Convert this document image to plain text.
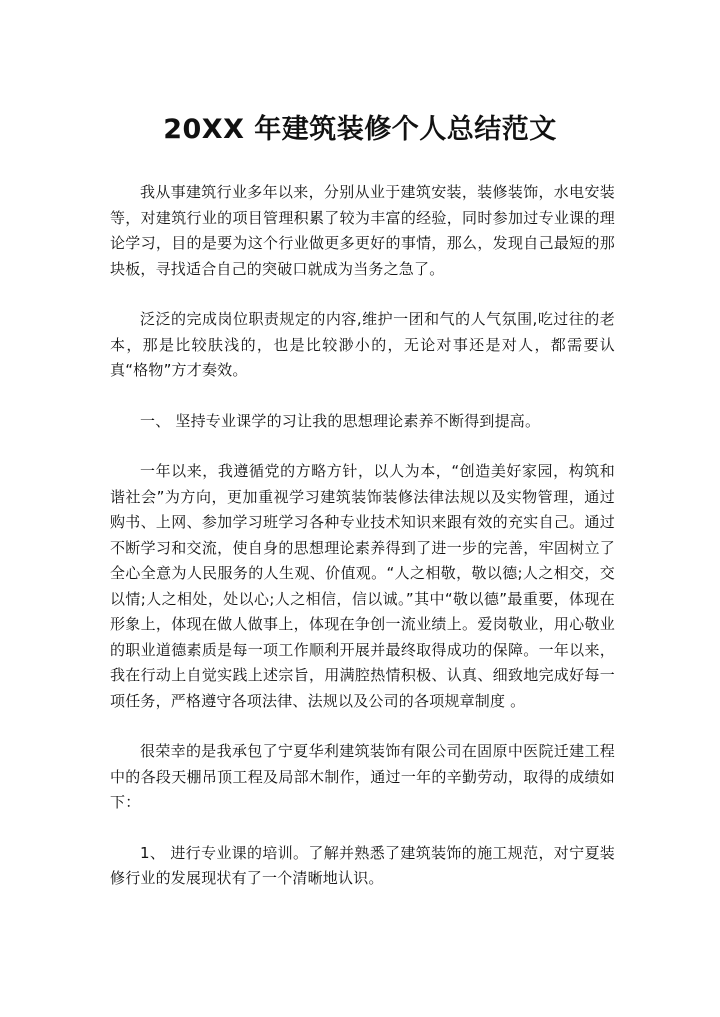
20XX 年建筑装修个人总结范文

我从事建筑行业多年以来，分别从业于建筑安装，装修装饰，水电安装等，对建筑行业的项目管理积累了较为丰富的经验，同时参加过专业课的理论学习，目的是要为这个行业做更多更好的事情，那么，发现自己最短的那块板，寻找适合自己的突破口就成为当务之急了。

泛泛的完成岗位职责规定的内容,维护一团和气的人气氛围,吃过往的老本，那是比较肤浅的，也是比较渺小的，无论对事还是对人，都需要认真“格物”方才奏效。

一、 坚持专业课学的习让我的思想理论素养不断得到提高。

一年以来，我遵循党的方略方针，以人为本，“创造美好家园，构筑和谐社会”为方向，更加重视学习建筑装饰装修法律法规以及实物管理，通过购书、上网、参加学习班学习各种专业技术知识来跟有效的充实自己。通过不断学习和交流，使自身的思想理论素养得到了进一步的完善，牢固树立了全心全意为人民服务的人生观、价值观。“人之相敬，敬以德;人之相交，交以情;人之相处，处以心;人之相信，信以诚。”其中“敬以德”最重要，体现在形象上，体现在做人做事上，体现在争创一流业绩上。爱岗敬业，用心敬业的职业道德素质是每一项工作顺利开展并最终取得成功的保障。一年以来，我在行动上自觉实践上述宗旨，用满腔热情积极、认真、细致地完成好每一项任务，严格遵守各项法律、法规以及公司的各项规章制度 。

很荣幸的是我承包了宁夏华利建筑装饰有限公司在固原中医院迁建工程中的各段天棚吊顶工程及局部木制作，通过一年的辛勤劳动，取得的成绩如下：

1、 进行专业课的培训。了解并熟悉了建筑装饰的施工规范，对宁夏装修行业的发展现状有了一个清晰地认识。
